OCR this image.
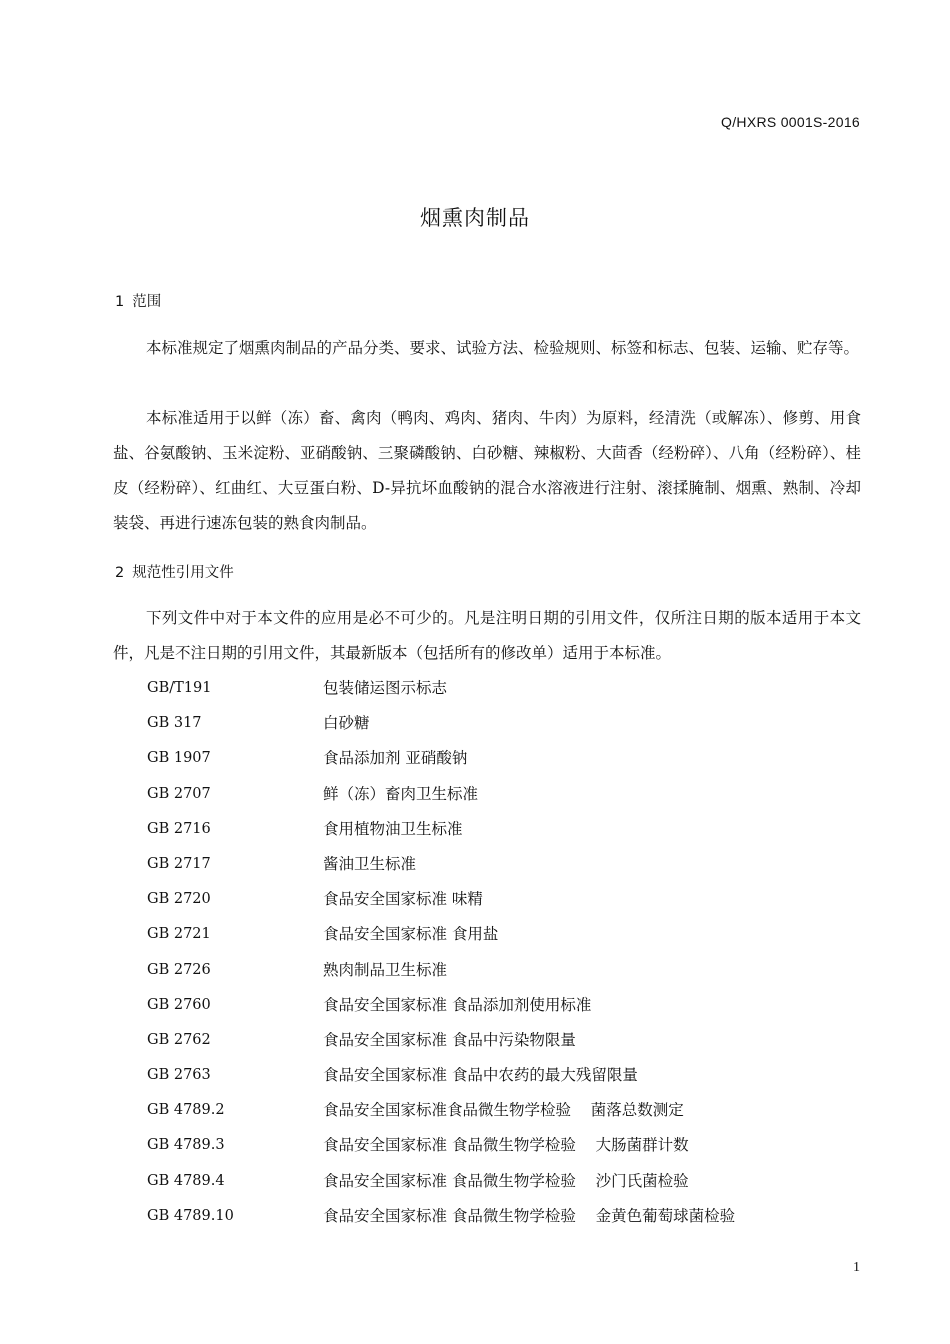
Q/HXRS 0001S-2016
烟熏肉制品
1 范围

本标准规定了烟熏肉制品的产品分类、要求、试验方法、检验规则、标签和标志、包装、运输、贮存等。

本标准适用于以鲜（冻）畜、禽肉（鸭肉、鸡肉、猪肉、牛肉）为原料，经清洗（或解冻）、修剪、用食盐、谷氨酸钠、玉米淀粉、亚硝酸钠、三聚磷酸钠、白砂糖、辣椒粉、大茴香（经粉碎）、八角（经粉碎）、桂皮（经粉碎）、红曲红、大豆蛋白粉、D-异抗坏血酸钠的混合水溶液进行注射、滚揉腌制、烟熏、熟制、冷却装袋、再进行速冻包装的熟食肉制品。

2 规范性引用文件

下列文件中对于本文件的应用是必不可少的。凡是注明日期的引用文件，仅所注日期的版本适用于本文件，凡是不注日期的引用文件，其最新版本（包括所有的修改单）适用于本标准。

GB/T191	包装储运图示标志
GB 317	白砂糖
GB 1907	食品添加剂 亚硝酸钠
GB 2707	鲜（冻）畜肉卫生标准
GB 2716	食用植物油卫生标准
GB 2717	酱油卫生标准
GB 2720	食品安全国家标准 味精
GB 2721	食品安全国家标准 食用盐
GB 2726	熟肉制品卫生标准
GB 2760	食品安全国家标准 食品添加剂使用标准
GB 2762	食品安全国家标准 食品中污染物限量
GB 2763	食品安全国家标准 食品中农药的最大残留限量
GB 4789.2	食品安全国家标准食品微生物学检验    菌落总数测定
GB 4789.3	食品安全国家标准 食品微生物学检验    大肠菌群计数
GB 4789.4	食品安全国家标准 食品微生物学检验    沙门氏菌检验
GB 4789.10	食品安全国家标准 食品微生物学检验    金黄色葡萄球菌检验
1
